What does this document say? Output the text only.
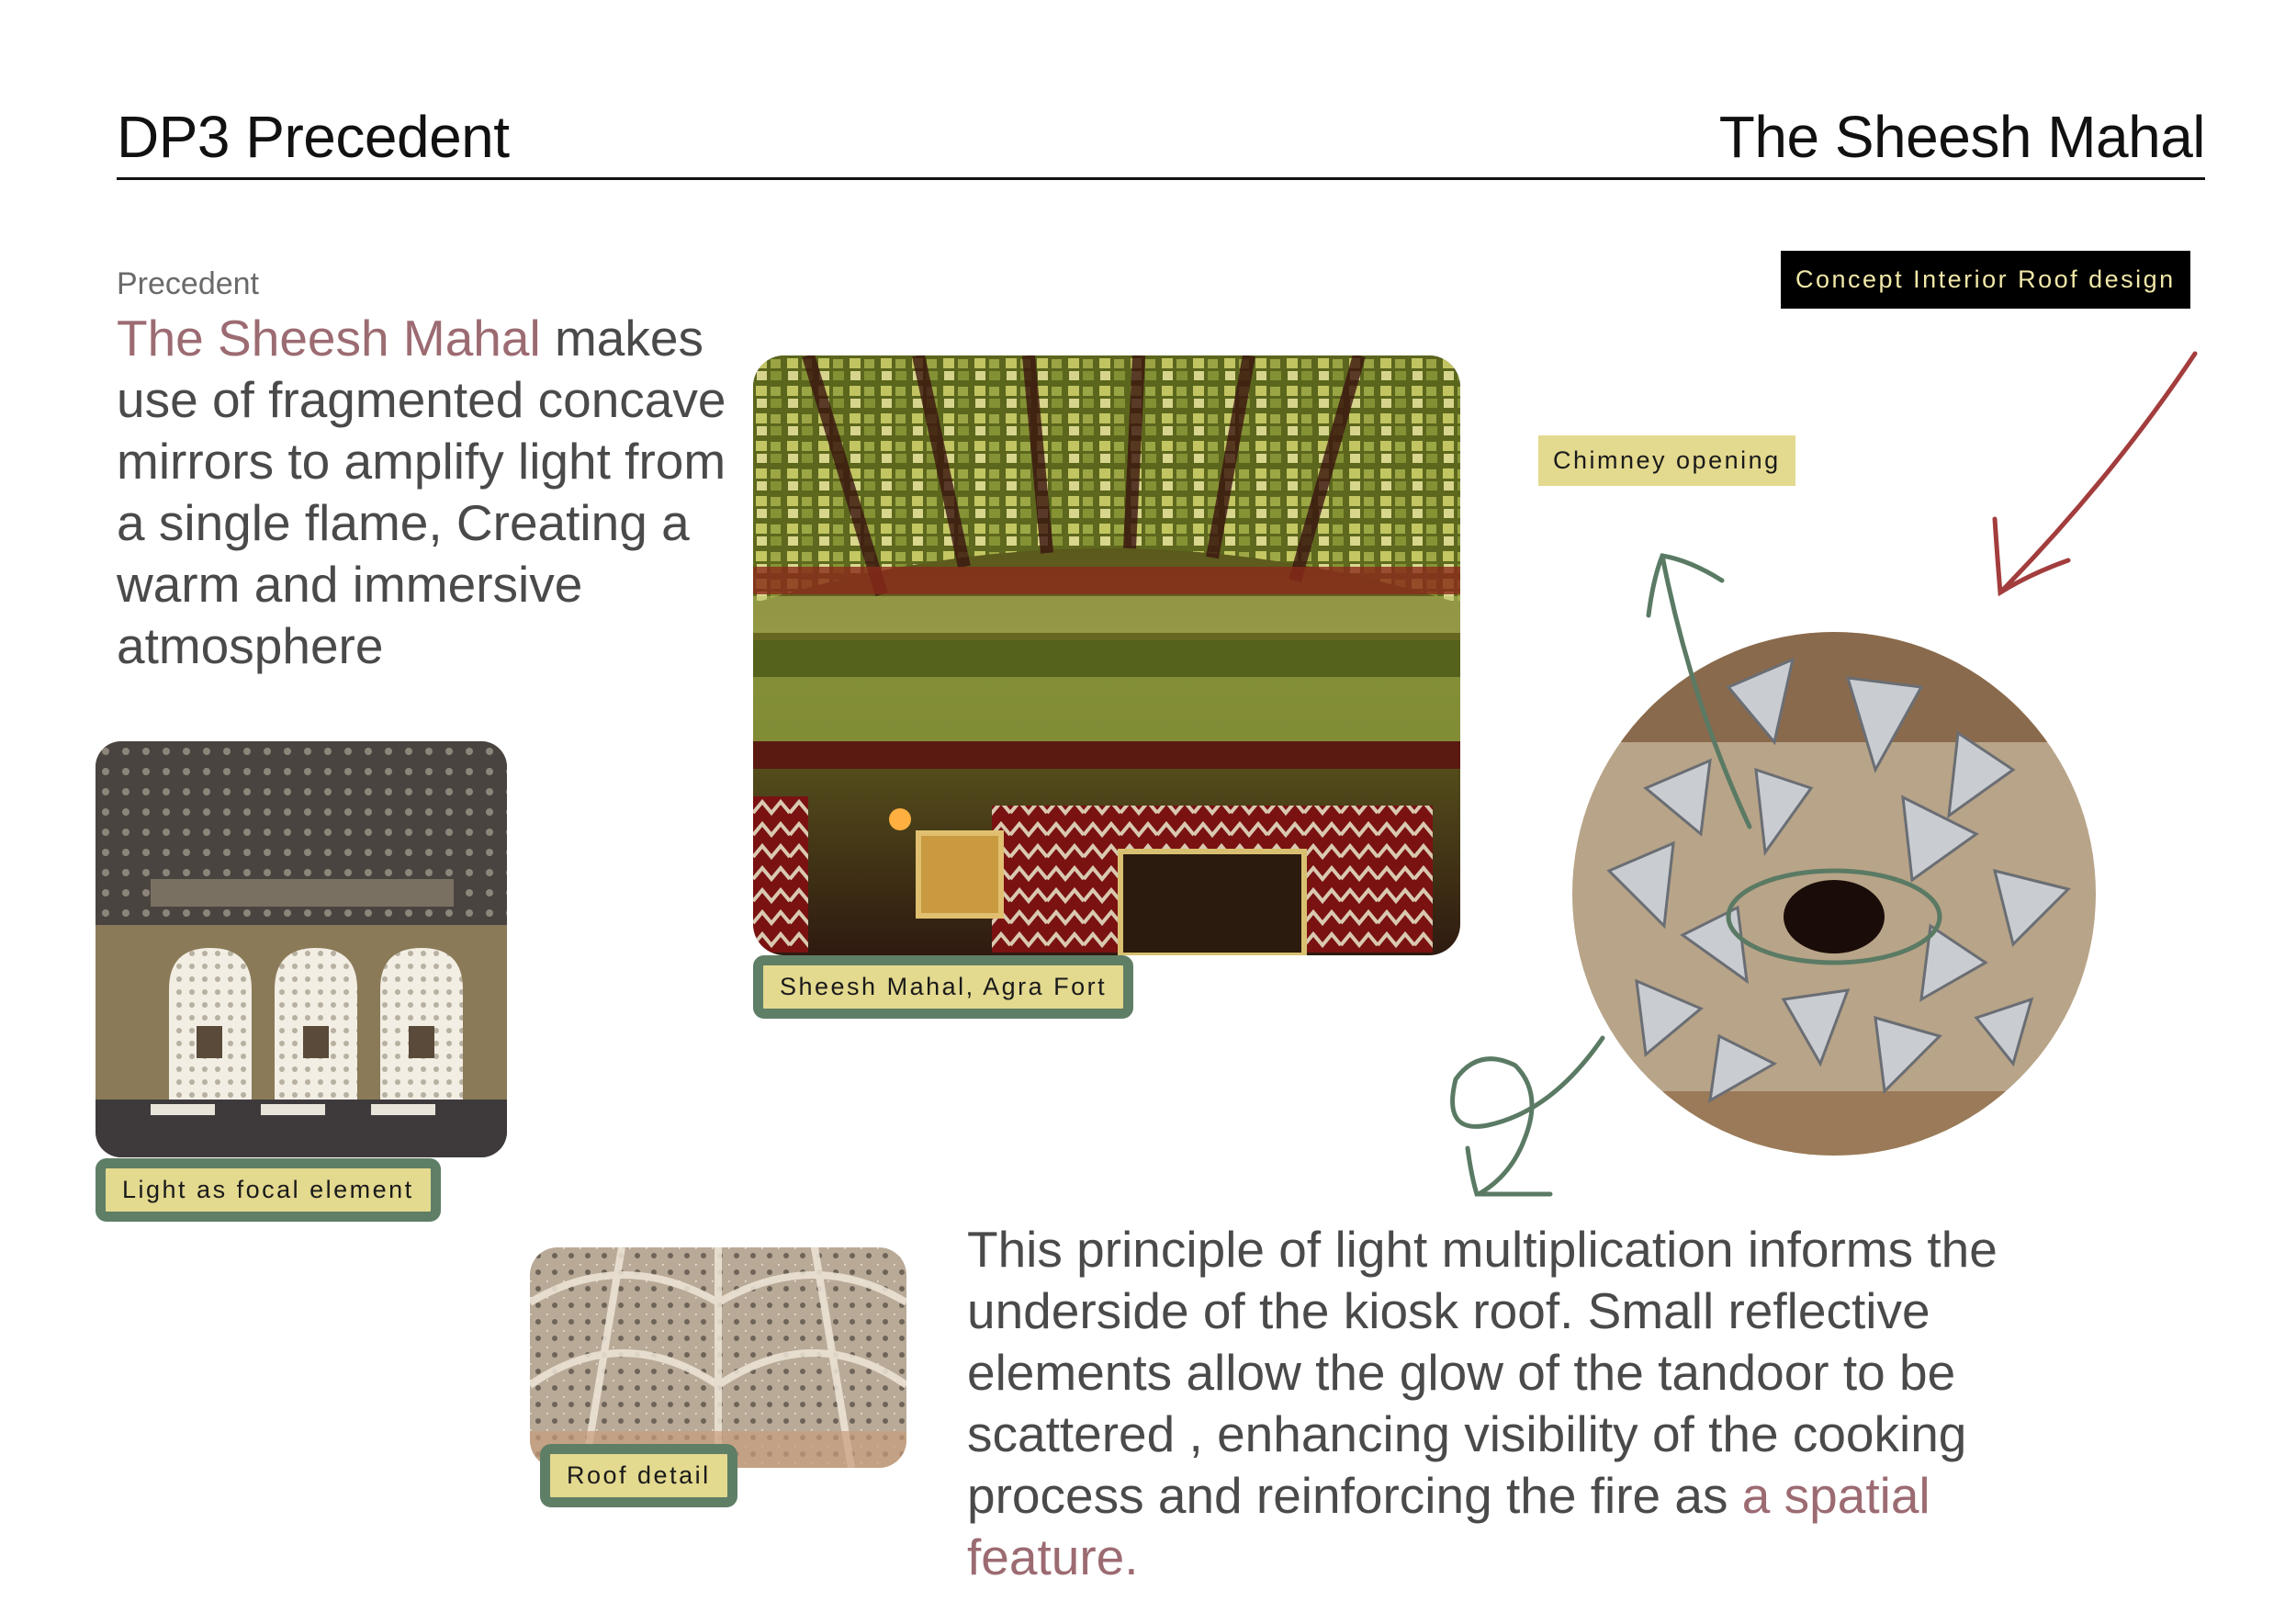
DP3 Precedent	The Sheesh Mahal
Precedent
The Sheesh Mahal makes use of fragmented concave mirrors to amplify light from a single flame, Creating a warm and immersive atmosphere
Sheesh Mahal, Agra Fort
Light as focal element
Roof detail
Chimney opening
Concept Interior Roof design
This principle of light multiplication informs the underside of the kiosk roof. Small reflective elements allow the glow of the tandoor to be scattered , enhancing visibility of the cooking process and reinforcing the fire as a spatial feature.
